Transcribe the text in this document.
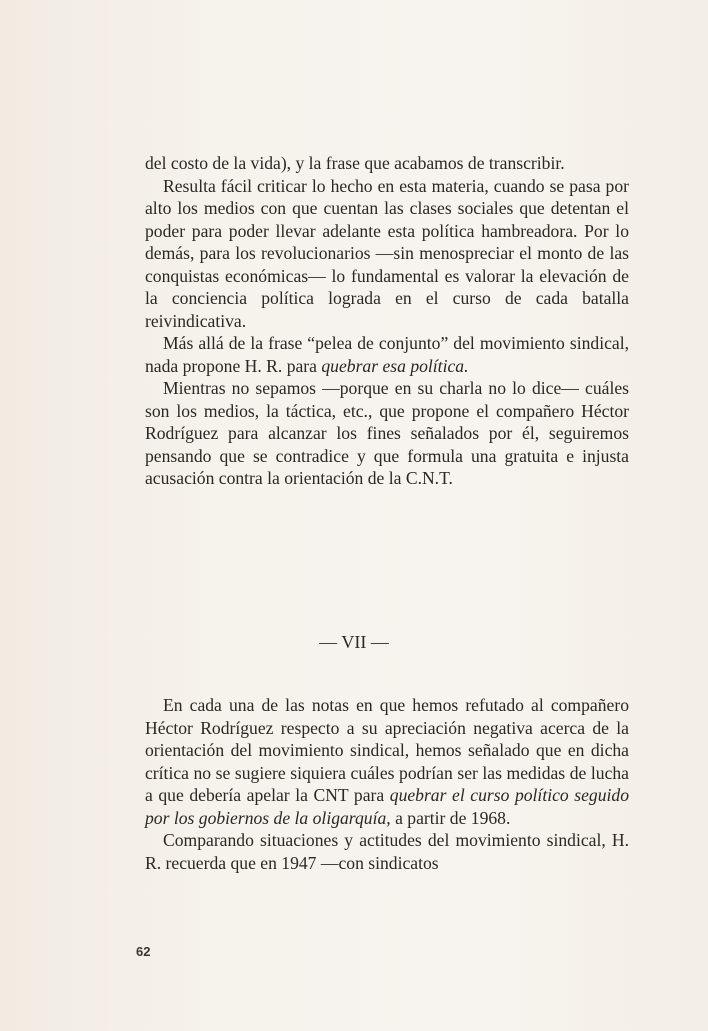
del costo de la vida), y la frase que acabamos de transcribir.

Resulta fácil criticar lo hecho en esta materia, cuando se pasa por alto los medios con que cuentan las clases sociales que detentan el poder para poder llevar adelante esta política hambreadora. Por lo demás, para los revolucionarios —sin menospreciar el monto de las conquistas económicas— lo fundamental es valorar la elevación de la conciencia política lograda en el curso de cada batalla reivindicativa.

Más allá de la frase “pelea de conjunto” del movimiento sindical, nada propone H. R. para quebrar esa política.

Mientras no sepamos —porque en su charla no lo dice— cuáles son los medios, la táctica, etc., que propone el compañero Héctor Rodríguez para alcanzar los fines señalados por él, seguiremos pensando que se contradice y que formula una gratuita e injusta acusación contra la orientación de la C.N.T.

— VII —

En cada una de las notas en que hemos refutado al compañero Héctor Rodríguez respecto a su apreciación negativa acerca de la orientación del movimiento sindical, hemos señalado que en dicha crítica no se sugiere siquiera cuáles podrían ser las medidas de lucha a que debería apelar la CNT para quebrar el curso político seguido por los gobiernos de la oligarquía, a partir de 1968.

Comparando situaciones y actitudes del movimiento sindical, H. R. recuerda que en 1947 —con sindicatos

62
